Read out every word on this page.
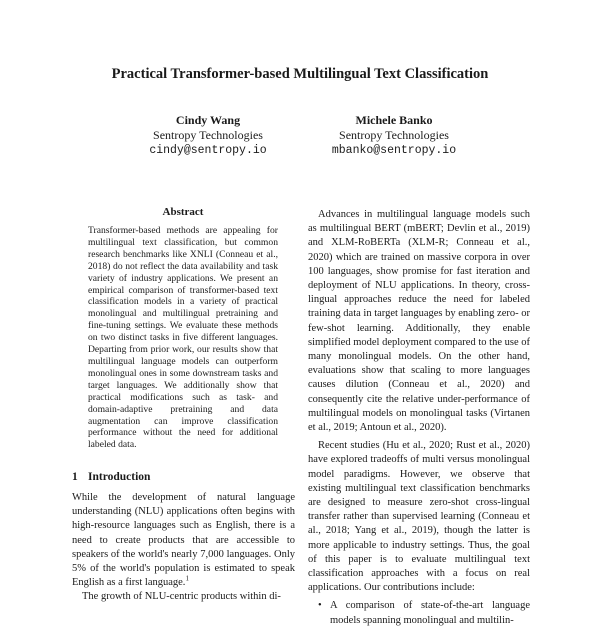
Practical Transformer-based Multilingual Text Classification
Cindy Wang
Sentropy Technologies
cindy@sentropy.io
Michele Banko
Sentropy Technologies
mbanko@sentropy.io
Abstract
Transformer-based methods are appealing for multilingual text classification, but common research benchmarks like XNLI (Conneau et al., 2018) do not reflect the data availability and task variety of industry applications. We present an empirical comparison of transformer-based text classification models in a variety of practical monolingual and multilingual pretraining and fine-tuning settings. We evaluate these methods on two distinct tasks in five different languages. Departing from prior work, our results show that multilingual language models can outperform monolingual ones in some downstream tasks and target languages. We additionally show that practical modifications such as task- and domain-adaptive pretraining and data augmentation can improve classification performance without the need for additional labeled data.
1 Introduction

While the development of natural language understanding (NLU) applications often begins with high-resource languages such as English, there is a need to create products that are accessible to speakers of the world's nearly 7,000 languages. Only 5% of the world's population is estimated to speak English as a first language.$^1$

The growth of NLU-centric products within di-

Advances in multilingual language models such as multilingual BERT (mBERT; Devlin et al., 2019) and XLM-RoBERTa (XLM-R; Conneau et al., 2020) which are trained on massive corpora in over 100 languages, show promise for fast iteration and deployment of NLU applications. In theory, cross-lingual approaches reduce the need for labeled training data in target languages by enabling zero- or few-shot learning. Additionally, they enable simplified model deployment compared to the use of many monolingual models. On the other hand, evaluations show that scaling to more languages causes dilution (Conneau et al., 2020) and consequently cite the relative under-performance of multilingual models on monolingual tasks (Virtanen et al., 2019; Antoun et al., 2020).

Recent studies (Hu et al., 2020; Rust et al., 2020) have explored tradeoffs of multi versus monolingual model paradigms. However, we observe that existing multilingual text classification benchmarks are designed to measure zero-shot cross-lingual transfer rather than supervised learning (Conneau et al., 2018; Yang et al., 2019), though the latter is more applicable to industry settings. Thus, the goal of this paper is to evaluate multilingual text classification approaches with a focus on real applications. Our contributions include:

• A comparison of state-of-the-art language models spanning monolingual and multilin-
